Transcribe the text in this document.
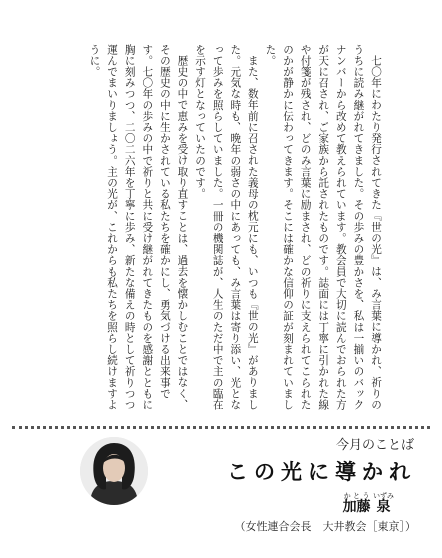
七〇年にわたり発行されてきた『世の光』は、み言葉に導かれ、祈りのうちに読み継がれてきました。その歩みの豊かさを、私は一揃いのバックナンバーから改めて教えられています。教会員で大切に読んでおられた方が天に召され、ご家族から託されたものです。誌面には丁寧に引かれた線や付箋が残され、どのみ言葉に励まされ、どの祈りに支えられてこられたのかが静かに伝わってきます。そこには確かな信仰の証が刻まれていました。

また、数年前に召された義母の枕元にも、いつも『世の光』がありました。元気な時も、晩年の弱さの中にあっても、み言葉は寄り添い、光となって歩みを照らしていました。一冊の機関誌が、人生のただ中で主の臨在を示す灯となっていたのです。

歴史の中で恵みを受け取り直すことは、過去を懐かしむことではなく、その歴史の中に生かされている私たちを確かにし、勇気づける出来事です。七〇年の歩みの中で祈りと共に受け継がれてきたものを感謝とともに胸に刻みつつ、二〇二六年を丁寧に歩み、新たな備えの時として祈りつつ運んでまいりましょう。主の光が、これからも私たちを照らし続けますように。

今月のことば
この光に導かれ
加藤かとう 泉いずみ
（女性連合会長　大井教会［東京］）
